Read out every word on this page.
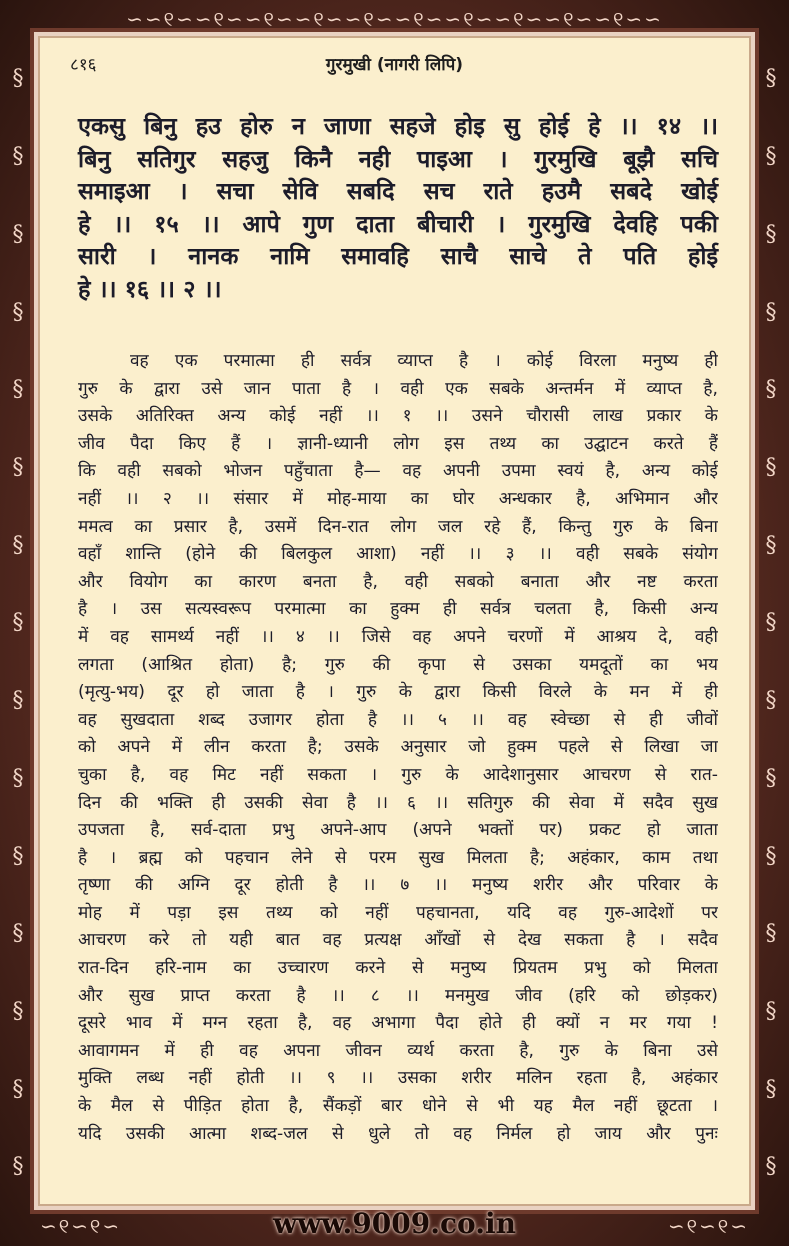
∽∽୧∽∽୧∽∽୧∽∽୧∽∽୧∽∽୧∽∽୧∽∽୧∽∽୧∽∽୧∽∽
§
§
§
§
§
§
§
§
§
§
§
§
§
§
§
§
§
§
§
§
§
§
§
§
§
§
§
§
§
§
८१६	गुरमुखी (नागरी लिपि)
एकसु बिनु हउ होरु न जाणा सहजे होइ सु होई हे ।। १४ ।।
बिनु सतिगुर सहजु किनै नही पाइआ । गुरमुखि बूझै सचि
समाइआ । सचा सेवि सबदि सच राते हउमै सबदे खोई
हे ।। १५ ।। आपे गुण दाता बीचारी । गुरमुखि देवहि पकी
सारी । नानक नामि समावहि साचै साचे ते पति होई
हे ।। १६ ।। २ ।।
वह एक परमात्मा ही सर्वत्र व्याप्त है । कोई विरला मनुष्य ही
गुरु के द्वारा उसे जान पाता है । वही एक सबके अन्तर्मन में व्याप्त है,
उसके अतिरिक्त अन्य कोई नहीं ।। १ ।। उसने चौरासी लाख प्रकार के
जीव पैदा किए हैं । ज्ञानी-ध्यानी लोग इस तथ्य का उद्घाटन करते हैं
कि वही सबको भोजन पहुँचाता है— वह अपनी उपमा स्वयं है, अन्य कोई
नहीं ।। २ ।। संसार में मोह-माया का घोर अन्धकार है, अभिमान और
ममत्व का प्रसार है, उसमें दिन-रात लोग जल रहे हैं, किन्तु गुरु के बिना
वहाँ शान्ति (होने की बिलकुल आशा) नहीं ।। ३ ।। वही सबके संयोग
और वियोग का कारण बनता है, वही सबको बनाता और नष्ट करता
है । उस सत्यस्वरूप परमात्मा का हुक्म ही सर्वत्र चलता है, किसी अन्य
में वह सामर्थ्य नहीं ।। ४ ।। जिसे वह अपने चरणों में आश्रय दे, वही
लगता (आश्रित होता) है; गुरु की कृपा से उसका यमदूतों का भय
(मृत्यु-भय) दूर हो जाता है । गुरु के द्वारा किसी विरले के मन में ही
वह सुखदाता शब्द उजागर होता है ।। ५ ।। वह स्वेच्छा से ही जीवों
को अपने में लीन करता है; उसके अनुसार जो हुक्म पहले से लिखा जा
चुका है, वह मिट नहीं सकता । गुरु के आदेशानुसार आचरण से रात-
दिन की भक्ति ही उसकी सेवा है ।। ६ ।। सतिगुरु की सेवा में सदैव सुख
उपजता है, सर्व-दाता प्रभु अपने-आप (अपने भक्तों पर) प्रकट हो जाता
है । ब्रह्म को पहचान लेने से परम सुख मिलता है; अहंकार, काम तथा
तृष्णा की अग्नि दूर होती है ।। ७ ।। मनुष्य शरीर और परिवार के
मोह में पड़ा इस तथ्य को नहीं पहचानता, यदि वह गुरु-आदेशों पर
आचरण करे तो यही बात वह प्रत्यक्ष आँखों से देख सकता है । सदैव
रात-दिन हरि-नाम का उच्चारण करने से मनुष्य प्रियतम प्रभु को मिलता
और सुख प्राप्त करता है ।। ८ ।। मनमुख जीव (हरि को छोड़कर)
दूसरे भाव में मग्न रहता है, वह अभागा पैदा होते ही क्यों न मर गया !
आवागमन में ही वह अपना जीवन व्यर्थ करता है, गुरु के बिना उसे
मुक्ति लब्ध नहीं होती ।। ९ ।। उसका शरीर मलिन रहता है, अहंकार
के मैल से पीड़ित होता है, सैंकड़ों बार धोने से भी यह मैल नहीं छूटता ।
यदि उसकी आत्मा शब्द-जल से धुले तो वह निर्मल हो जाय और पुनः
∽୧∽୧∽	∽୧∽୧∽
www.9009.co.in
